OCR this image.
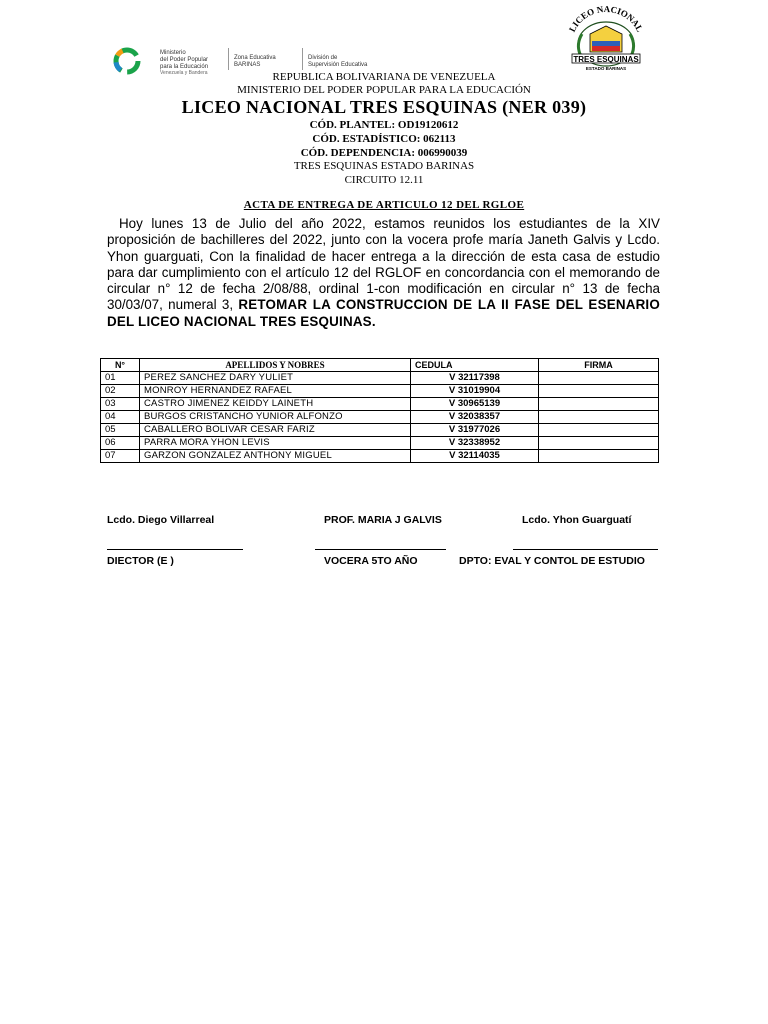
Ministerio
del Poder Popular
para la Educación
Venezuela y Bandera
Zona Educativa
BARINAS
División de
Supervisión Educativa
LICEO NACIONAL
TRES ESQUINAS
ESTADO BARINAS
REPUBLICA BOLIVARIANA DE VENEZUELA
MINISTERIO DEL PODER POPULAR PARA LA EDUCACIÓN
LICEO NACIONAL TRES ESQUINAS (NER 039)
CÓD. PLANTEL: OD19120612
CÓD. ESTADÍSTICO: 062113
CÓD. DEPENDENCIA: 006990039
TRES ESQUINAS ESTADO BARINAS
CIRCUITO 12.11
ACTA DE ENTREGA DE ARTICULO 12 DEL RGLOE
Hoy lunes 13 de Julio del año 2022, estamos reunidos los estudiantes de la XIV proposición de bachilleres del 2022, junto con la vocera profe maría Janeth Galvis y Lcdo. Yhon guarguati, Con la finalidad de hacer entrega a la dirección de esta casa de estudio para dar cumplimiento con el artículo 12 del RGLOF en concordancia con el memorando de circular n° 12 de fecha 2/08/88, ordinal 1-con modificación en circular n° 13 de fecha 30/03/07, numeral 3, RETOMAR LA CONSTRUCCION DE LA II FASE DEL ESENARIO DEL LICEO NACIONAL TRES ESQUINAS.
N°	APELLIDOS Y NOBRES	CEDULA	FIRMA
01	PEREZ SANCHEZ DARY YULIET	V 32117398	
02	MONROY HERNANDEZ RAFAEL	V 31019904	
03	CASTRO JIMENEZ KEIDDY LAINETH	V 30965139	
04	BURGOS CRISTANCHO YUNIOR ALFONZO	V 32038357	
05	CABALLERO BOLIVAR CESAR FARIZ	V 31977026	
06	PARRA MORA YHON LEVIS	V 32338952	
07	GARZON GONZALEZ ANTHONY MIGUEL	V 32114035	
Lcdo. Diego Villarreal	PROF. MARIA J GALVIS	Lcdo. Yhon Guarguatí
DIECTOR (E )	VOCERA 5TO AÑO	DPTO: EVAL Y CONTOL DE ESTUDIO
